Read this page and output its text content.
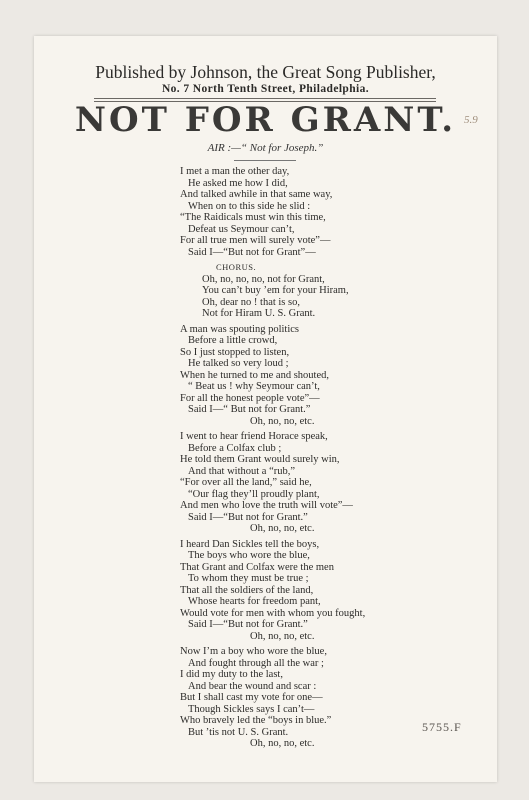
Published by Johnson, the Great Song Publisher,
No. 7 North Tenth Street, Philadelphia.
NOT FOR GRANT. 5.9
AIR :—“ Not for Joseph.”
I met a man the other day,
He asked me how I did,
And talked awhile in that same way,
When on to this side he slid :
“The Raidicals must win this time,
Defeat us Seymour can’t,
For all true men will surely vote”—
Said I—“But not for Grant”—
CHORUS.
Oh, no, no, no, not for Grant,
You can’t buy ’em for your Hiram,
Oh, dear no ! that is so,
Not for Hiram U. S. Grant.
A man was spouting politics
Before a little crowd,
So I just stopped to listen,
He talked so very loud ;
When he turned to me and shouted,
“ Beat us ! why Seymour can’t,
For all the honest people vote”—
Said I—“ But not for Grant.”
Oh, no, no, etc.
I went to hear friend Horace speak,
Before a Colfax club ;
He told them Grant would surely win,
And that without a “rub,”
“For over all the land,” said he,
“Our flag they’ll proudly plant,
And men who love the truth will vote”—
Said I—“But not for Grant.”
Oh, no, no, etc.
I heard Dan Sickles tell the boys,
The boys who wore the blue,
That Grant and Colfax were the men
To whom they must be true ;
That all the soldiers of the land,
Whose hearts for freedom pant,
Would vote for men with whom you fought,
Said I—“But not for Grant.”
Oh, no, no, etc.
Now I’m a boy who wore the blue,
And fought through all the war ;
I did my duty to the last,
And bear the wound and scar :
But I shall cast my vote for one—
Though Sickles says I can’t—
Who bravely led the “boys in blue.”
But ’tis not U. S. Grant.
Oh, no, no, etc.
5755.F
